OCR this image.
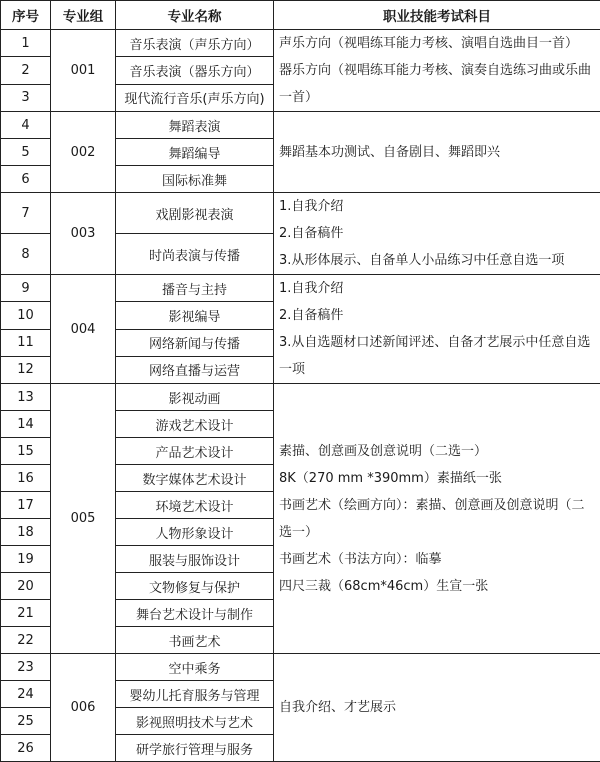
序号	专业组	专业名称	职业技能考试科目
1	001	音乐表演（声乐方向）	声乐方向（视唱练耳能力考核、演唱自选曲目一首）
器乐方向（视唱练耳能力考核、演奏自选练习曲或乐曲一首）

2		音乐表演（器乐方向）	
3		现代流行音乐(声乐方向)	
4	002	舞蹈表演	舞蹈基本功测试、自备剧目、舞蹈即兴

5		舞蹈编导	
6		国际标准舞	
7	003	戏剧影视表演	1.自我介绍
2.自备稿件
3.从形体展示、自备单人小品练习中任意自选一项

8		时尚表演与传播	
9	004	播音与主持	1.自我介绍
2.自备稿件
3.从自选题材口述新闻评述、自备才艺展示中任意自选一项

10		影视编导	
11		网络新闻与传播	
12		网络直播与运营	
13	005	影视动画	素描、创意画及创意说明（二选一）
8K（270 mm *390mm）素描纸一张
书画艺术（绘画方向）：素描、创意画及创意说明（二选一）
书画艺术（书法方向）：临摹
四尺三裁（68cm*46cm）生宣一张

14		游戏艺术设计	
15		产品艺术设计	
16		数字媒体艺术设计	
17		环境艺术设计	
18		人物形象设计	
19		服装与服饰设计	
20		文物修复与保护	
21		舞台艺术设计与制作	
22		书画艺术	
23	006	空中乘务	自我介绍、才艺展示

24		婴幼儿托育服务与管理	
25		影视照明技术与艺术	
26		研学旅行管理与服务	
